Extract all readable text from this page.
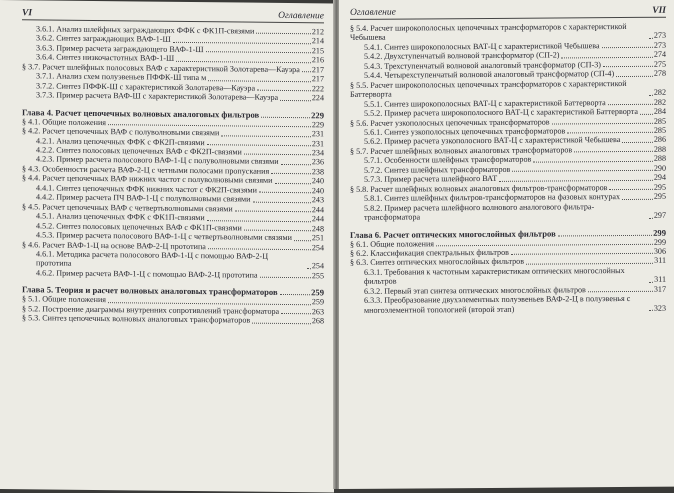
VI	Оглавление
3.6.1. Анализ шлейфных заграждающих ФФК с ФК1П-связями	212
3.6.2. Синтез заграждающих ВАФ-1-Ш	214
3.6.3. Пример расчета заграждающего ВАФ-1-Ш	215
3.6.4. Синтез низкочастотных ВАФ-1-Ш	216
§ 3.7. Расчет шлейфных полосовых ВАФ с характеристикой Золотарева—Кауэра 217
3.7.1. Анализ схем полуэвеньев ПФФК-Ш типа м	217
3.7.2. Синтез ПФФК-Ш с характеристикой Золотарева—Кауэра	222
3.7.3. Пример расчета ВАФ-Ш с характеристикой Золотарева—Кауэра	224
Глава 4. Расчет цепочечных волновых аналоговых фильтров	229
§ 4.1. Общие положения	229
§ 4.2. Расчет цепочечных ВАФ с полуволновыми связями	231
4.2.1. Анализ цепочечных ФФК с ФК2П-связями	231
4.2.2. Синтез полосовых цепочечных ВАФ с ФК2П-связями	234
4.2.3. Пример расчета полосового ВАФ-1-Ц с полуволновыми связями	236
§ 4.3. Особенности расчета ВАФ-2-Ц с четными полосами пропускания	238
§ 4.4. Расчет цепочечных ВАФ нижних частот с полуволновыми связями	240
4.4.1. Синтез цепочечных ФФК нижних частот с ФК2П-связями	240
4.4.2. Пример расчета ПЧ ВАФ-1-Ц с полуволновыми связями	243
§ 4.5. Расчет цепочечных ВАФ с четвертьволновыми связями	244
4.5.1. Анализ цепочечных ФФК с ФК1П-связями	244
4.5.2. Синтез полосовых цепочечных ВАФ с ФК1П-связями	248
4.5.3. Пример расчета полосового ВАФ-1-Ц с четвертьволновыми связями 251
§ 4.6. Расчет ВАФ-1-Ц на основе ВАФ-2-Ц прототипа	254
4.6.1. Методика расчета полосового ВАФ-1-Ц с помощью ВАФ-2-Ц прототипа	254
4.6.2. Пример расчета ВАФ-1-Ц с помощью ВАФ-2-Ц прототипа	255
Глава 5. Теория и расчет волновых аналоговых трансформаторов	259
§ 5.1. Общие положения	259
§ 5.2. Построение диаграммы внутренних сопротивлений трансформатора	263
§ 5.3. Синтез цепочечных волновых аналоговых трансформаторов	268
Оглавление	VII
§ 5.4. Расчет широкополосных цепочечных трансформаторов с характеристикой Чебышева	273
5.4.1. Синтез широкополосных ВАТ-Ц с характеристикой Чебышева	273
5.4.2. Двухступенчатый волновой трансформатор (СП-2)	274
5.4.3. Трехступенчатый волновой аналоговый трансформатор (СП-3)	275
5.4.4. Четырехступенчатый волновой аналоговый трансформатор (СП-4)	278
§ 5.5. Расчет широкополосных цепочечных трансформаторов с характеристикой Баттерворта	282
5.5.1. Синтез широкополосных ВАТ-Ц с характеристикой Баттерворта	282
5.5.2. Пример расчета широкополосного ВАТ-Ц с характеристикой Баттерворта 284
§ 5.6. Расчет узкополосных цепочечных трансформаторов	285
5.6.1. Синтез узкополосных цепочечных трансформаторов	285
5.6.2. Пример расчета узкополосного ВАТ-Ц с характеристикой Чебышева	286
§ 5.7. Расчет шлейфных волновых аналоговых трансформаторов	288
5.7.1. Особенности шлейфных трансформаторов	288
5.7.2. Синтез шлейфных трансформаторов	290
5.7.3. Пример расчета шлейфного ВАТ	294
§ 5.8. Расчет шлейфных волновых аналоговых фильтров-трансформаторов	295
5.8.1. Синтез шлейфных фильтров-трансформаторов на фазовых контурах	295
5.8.2. Пример расчета шлейфного волнового аналогового фильтра-трансформатора	297
Глава 6. Расчет оптических многослойных фильтров	299
§ 6.1. Общие положения	299
§ 6.2. Классификация спектральных фильтров	306
§ 6.3. Синтез оптических многослойных фильтров	311
6.3.1. Требования к частотным характеристикам оптических многослойных фильтров	311
6.3.2. Первый этап синтеза оптических многослойных фильтров	317
6.3.3. Преобразование двухэлементных полуэвеньев ВАФ-2-Ц в полуэвенья с многоэлементной топологией (второй этап)	323
